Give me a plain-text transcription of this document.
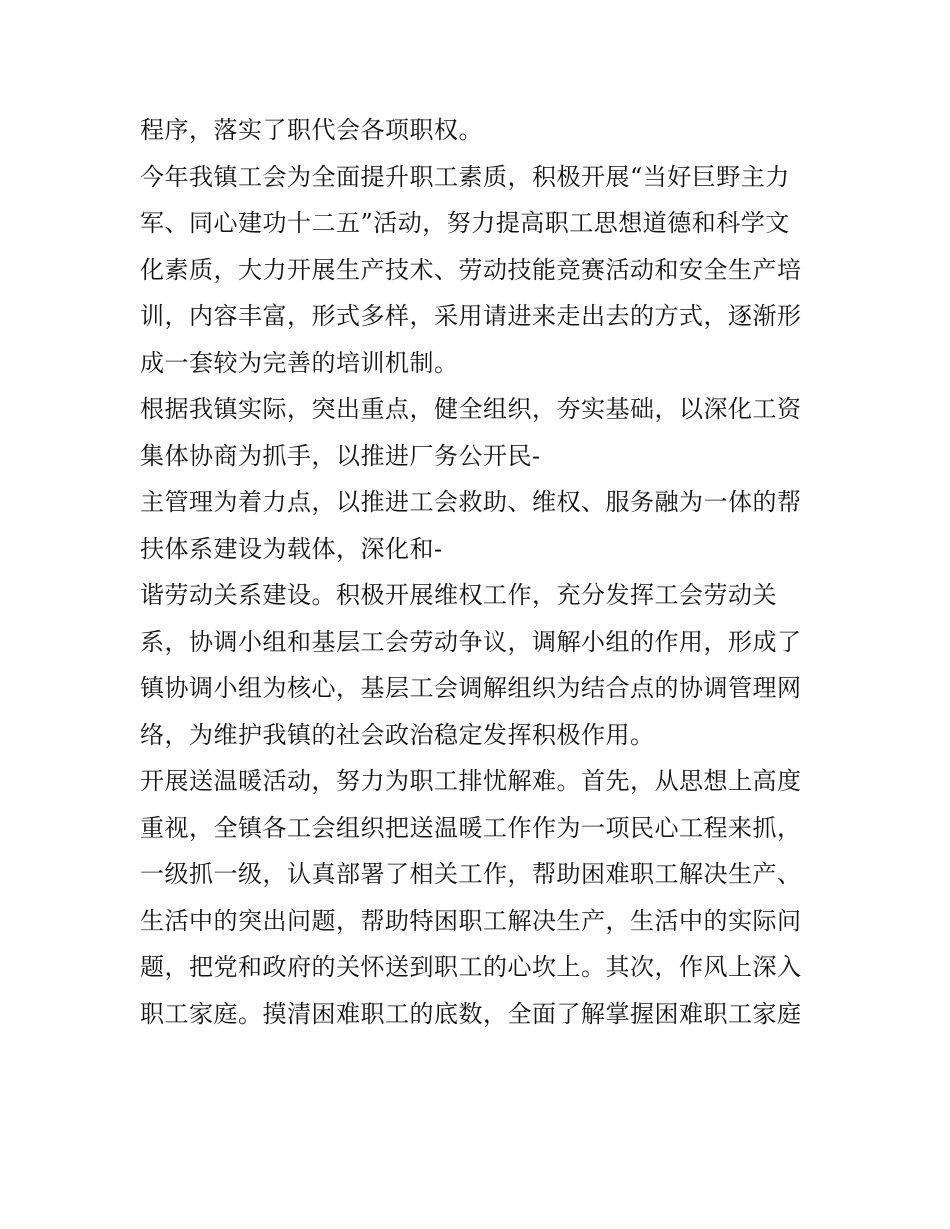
程序，落实了职代会各项职权。
今年我镇工会为全面提升职工素质，积极开展“当好巨野主力
军、同心建功十二五”活动，努力提高职工思想道德和科学文
化素质，大力开展生产技术、劳动技能竞赛活动和安全生产培
训，内容丰富，形式多样，采用请进来走出去的方式，逐渐形
成一套较为完善的培训机制。
根据我镇实际，突出重点，健全组织，夯实基础，以深化工资
集体协商为抓手，以推进厂务公开民-
主管理为着力点，以推进工会救助、维权、服务融为一体的帮
扶体系建设为载体，深化和-
谐劳动关系建设。积极开展维权工作，充分发挥工会劳动关
系，协调小组和基层工会劳动争议，调解小组的作用，形成了
镇协调小组为核心，基层工会调解组织为结合点的协调管理网
络，为维护我镇的社会政治稳定发挥积极作用。
开展送温暖活动，努力为职工排忧解难。首先，从思想上高度
重视，全镇各工会组织把送温暖工作作为一项民心工程来抓，
一级抓一级，认真部署了相关工作，帮助困难职工解决生产、
生活中的突出问题，帮助特困职工解决生产，生活中的实际问
题，把党和政府的关怀送到职工的心坎上。其次，作风上深入
职工家庭。摸清困难职工的底数，全面了解掌握困难职工家庭
